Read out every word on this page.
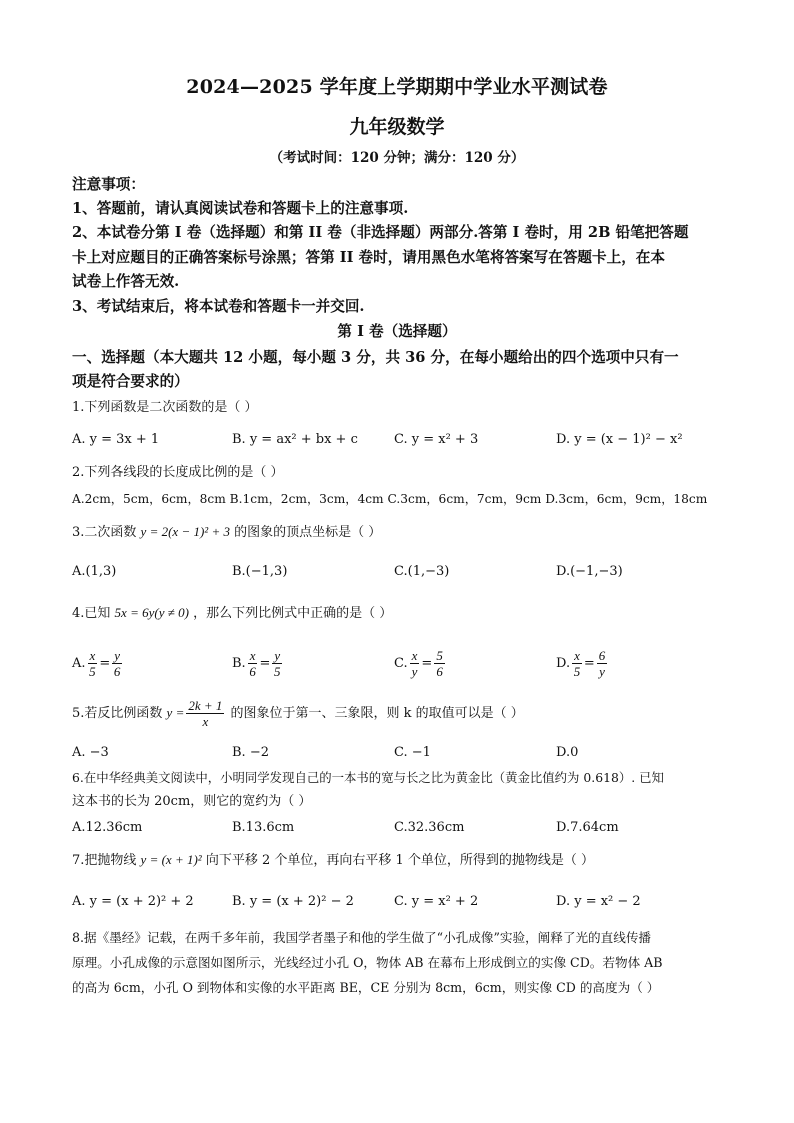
2024—2025 学年度上学期期中学业水平测试卷
九年级数学
（考试时间：120 分钟；满分：120 分）
注意事项：
1、答题前，请认真阅读试卷和答题卡上的注意事项.
2、本试卷分第 I 卷（选择题）和第 II 卷（非选择题）两部分.答第 I 卷时，用 2B 铅笔把答题
卡上对应题目的正确答案标号涂黑；答第 II 卷时，请用黑色水笔将答案写在答题卡上，在本
试卷上作答无效.
3、考试结束后，将本试卷和答题卡一并交回.
第 I 卷（选择题）
一、选择题（本大题共 12 小题，每小题 3 分，共 36 分，在每小题给出的四个选项中只有一
项是符合要求的）
1.下列函数是二次函数的是（ ）
A. y = 3x + 1	B. y = ax² + bx + c	C. y = x² + 3	D. y = (x − 1)² − x²
2.下列各线段的长度成比例的是（ ）
A.2cm，5cm，6cm，8cm B.1cm，2cm，3cm，4cm C.3cm，6cm，7cm，9cm D.3cm，6cm，9cm，18cm
3.二次函数 y = 2(x − 1)² + 3 的图象的顶点坐标是（ ）
A.(1,3)	B.(−1,3)	C.(1,−3)	D.(−1,−3)
4.已知 5x = 6y(y ≠ 0) ，那么下列比例式中正确的是（ ）
A. $\frac{x}{5} = \frac{y}{6}$	B. $\frac{x}{6} = \frac{y}{5}$	C. $\frac{x}{y} = \frac{5}{6}$	D. $\frac{x}{5} = \frac{6}{y}$
5.若反比例函数 $y = \frac{2k + 1}{x}$ 的图象位于第一、三象限，则 k 的取值可以是（ ）
A. −3	B. −2	C. −1	D.0
6.在中华经典美文阅读中，小明同学发现自己的一本书的宽与长之比为黄金比（黄金比值约为 0.618）. 已知
这本书的长为 20cm，则它的宽约为（ ）
A.12.36cm	B.13.6cm	C.32.36cm	D.7.64cm
7.把抛物线 y = (x + 1)² 向下平移 2 个单位，再向右平移 1 个单位，所得到的抛物线是（ ）
A. y = (x + 2)² + 2	B. y = (x + 2)² − 2	C. y = x² + 2	D. y = x² − 2
8.据《墨经》记载，在两千多年前，我国学者墨子和他的学生做了“小孔成像”实验，阐释了光的直线传播
原理。小孔成像的示意图如图所示，光线经过小孔 O，物体 AB 在幕布上形成倒立的实像 CD。若物体 AB
的高为 6cm，小孔 O 到物体和实像的水平距离 BE，CE 分别为 8cm，6cm，则实像 CD 的高度为（ ）
